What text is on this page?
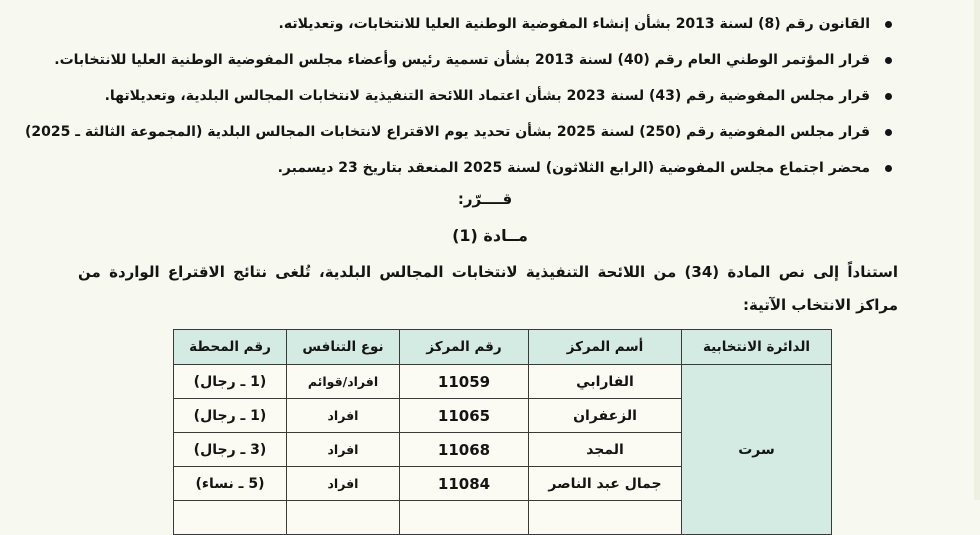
القانون رقم (8) لسنة 2013 بشأن إنشاء المفوضية الوطنية العليا للانتخابات، وتعديلاته.
قرار المؤتمر الوطني العام رقم (40) لسنة 2013 بشأن تسمية رئيس وأعضاء مجلس المفوضية الوطنية العليا للانتخابات.
قرار مجلس المفوضية رقم (43) لسنة 2023 بشأن اعتماد اللائحة التنفيذية لانتخابات المجالس البلدية، وتعديلاتها.
قرار مجلس المفوضية رقم (250) لسنة 2025 بشأن تحديد يوم الاقتراع لانتخابات المجالس البلدية (المجموعة الثالثة ـ 2025)
محضر اجتماع مجلس المفوضية (الرابع الثلاثون) لسنة 2025 المنعقد بتاريخ 23 ديسمبر.
قــــرّر:
مــادة (1)
استناداً إلى نص المادة (34) من اللائحة التنفيذية لانتخابات المجالس البلدية، تُلغى نتائج الاقتراع الواردة من مراكز الانتخاب الآتية:
الدائرة الانتخابية	أسم المركز	رقم المركز	نوع التنافس	رقم المحطة
سرت	الفارابي	11059	افراد/قوائم	(1 ـ رجال)
	الزعفران	11065	افراد	(1 ـ رجال)
	المجد	11068	افراد	(3 ـ رجال)
	جمال عبد الناصر	11084	افراد	(5 ـ نساء)
